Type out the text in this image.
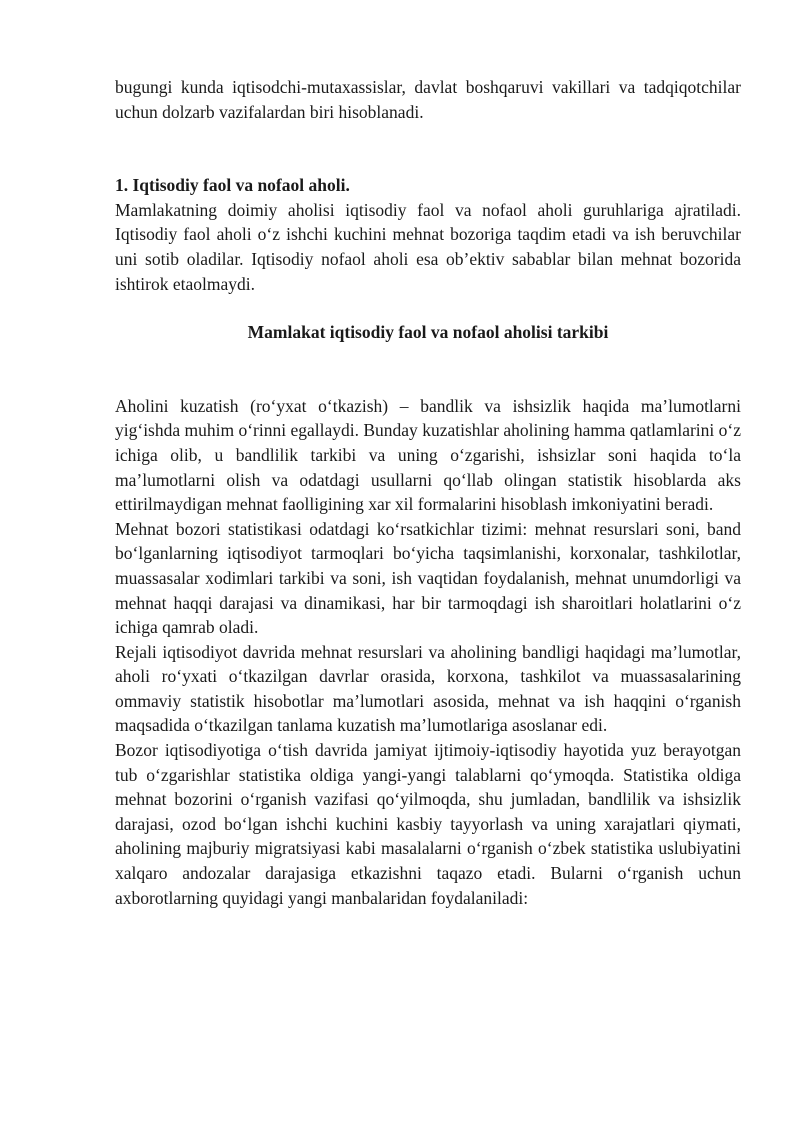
bugungi kunda iqtisodchi-mutaxassislar, davlat boshqaruvi vakillari va tadqiqotchilar uchun dolzarb vazifalardan biri hisoblanadi.

1. Iqtisodiy faol va nofaol aholi.

Mamlakatning doimiy aholisi iqtisodiy faol va nofaol aholi guruhlariga ajratiladi. Iqtisodiy faol aholi o‘z ishchi kuchini mehnat bozoriga taqdim etadi va ish beruvchilar uni sotib oladilar. Iqtisodiy nofaol aholi esa ob’ektiv sabablar bilan mehnat bozorida ishtirok etaolmaydi.

Mamlakat iqtisodiy faol va nofaol aholisi tarkibi

Aholini kuzatish (ro‘yxat o‘tkazish) – bandlik va ishsizlik haqida ma’lumotlarni yig‘ishda muhim o‘rinni egallaydi. Bunday kuzatishlar aholining hamma qatlamlarini o‘z ichiga olib, u bandlilik tarkibi va uning o‘zgarishi, ishsizlar soni haqida to‘la ma’lumotlarni olish va odatdagi usullarni qo‘llab olingan statistik hisoblarda aks ettirilmaydigan mehnat faolligining xar xil formalarini hisoblash imkoniyatini beradi.

Mehnat bozori statistikasi odatdagi ko‘rsatkichlar tizimi: mehnat resurslari soni, band bo‘lganlarning iqtisodiyot tarmoqlari bo‘yicha taqsimlanishi, korxonalar, tashkilotlar, muassasalar xodimlari tarkibi va soni, ish vaqtidan foydalanish, mehnat unumdorligi va mehnat haqqi darajasi va dinamikasi, har bir tarmoqdagi ish sharoitlari holatlarini o‘z ichiga qamrab oladi.

Rejali iqtisodiyot davrida mehnat resurslari va aholining bandligi haqidagi ma’lumotlar, aholi ro‘yxati o‘tkazilgan davrlar orasida, korxona, tashkilot va muassasalarining ommaviy statistik hisobotlar ma’lumotlari asosida, mehnat va ish haqqini o‘rganish maqsadida o‘tkazilgan tanlama kuzatish ma’lumotlariga asoslanar edi.

Bozor iqtisodiyotiga o‘tish davrida jamiyat ijtimoiy-iqtisodiy hayotida yuz berayotgan tub o‘zgarishlar statistika oldiga yangi-yangi talablarni qo‘ymoqda. Statistika oldiga mehnat bozorini o‘rganish vazifasi qo‘yilmoqda, shu jumladan, bandlilik va ishsizlik darajasi, ozod bo‘lgan ishchi kuchini kasbiy tayyorlash va uning xarajatlari qiymati, aholining majburiy migratsiyasi kabi masalalarni o‘rganish o‘zbek statistika uslubiyatini xalqaro andozalar darajasiga etkazishni taqazo etadi. Bularni o‘rganish uchun axborotlarning quyidagi yangi manbalaridan foydalaniladi:
